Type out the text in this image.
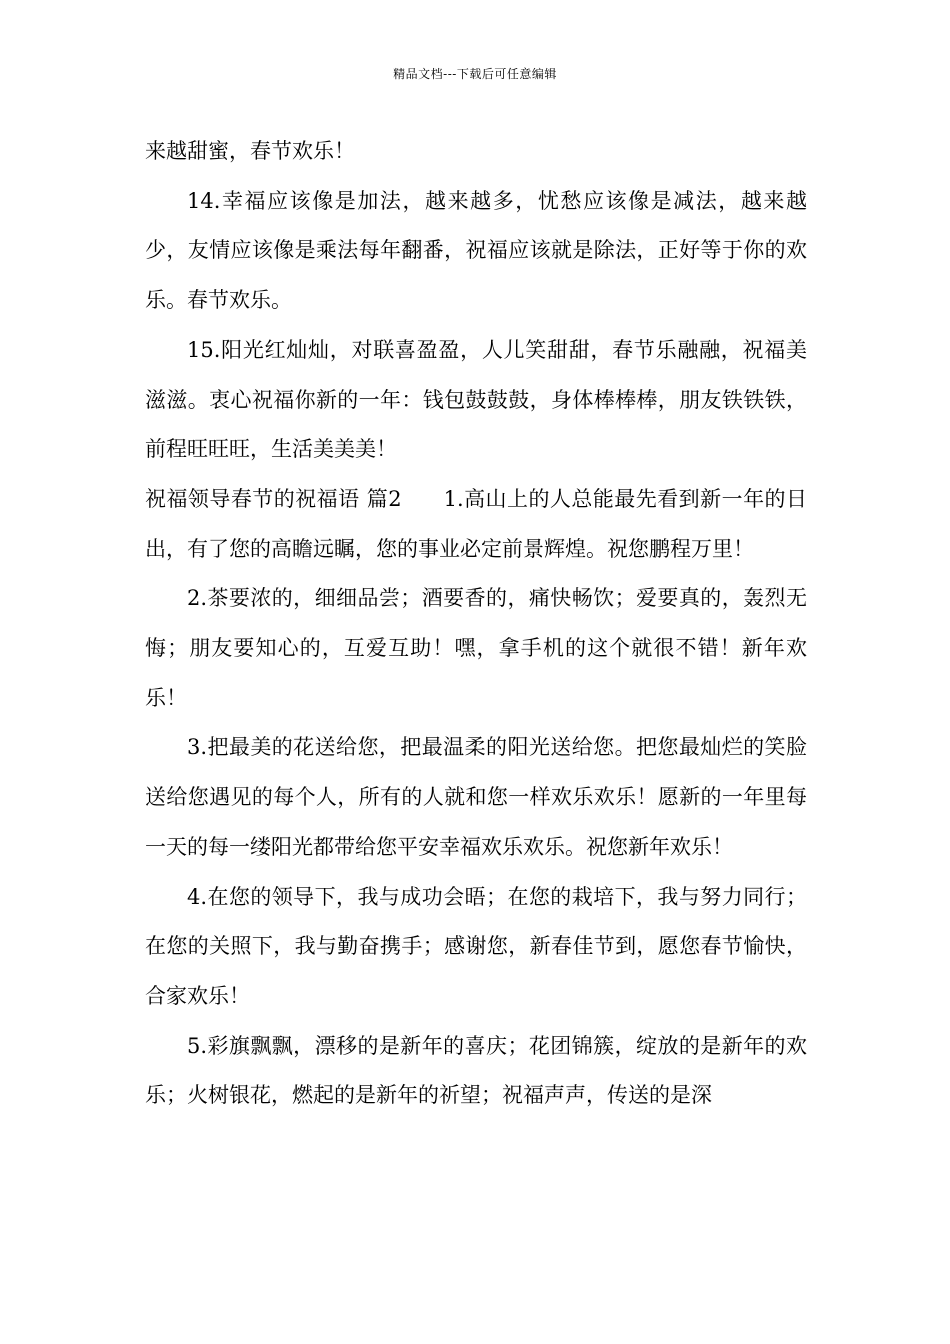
精品文档---下载后可任意编辑

来越甜蜜，春节欢乐！

14.幸福应该像是加法，越来越多，忧愁应该像是减法，越来越少，友情应该像是乘法每年翻番，祝福应该就是除法，正好等于你的欢乐。春节欢乐。

15.阳光红灿灿，对联喜盈盈，人儿笑甜甜，春节乐融融，祝福美滋滋。衷心祝福你新的一年：钱包鼓鼓鼓，身体棒棒棒，朋友铁铁铁，前程旺旺旺，生活美美美！

祝福领导春节的祝福语 篇2 1.高山上的人总能最先看到新一年的日出，有了您的高瞻远瞩，您的事业必定前景辉煌。祝您鹏程万里！

2.茶要浓的，细细品尝；酒要香的，痛快畅饮；爱要真的，轰烈无悔；朋友要知心的，互爱互助！嘿，拿手机的这个就很不错！新年欢乐！

3.把最美的花送给您，把最温柔的阳光送给您。把您最灿烂的笑脸送给您遇见的每个人，所有的人就和您一样欢乐欢乐！愿新的一年里每一天的每一缕阳光都带给您平安幸福欢乐欢乐。祝您新年欢乐！

4.在您的领导下，我与成功会晤；在您的栽培下，我与努力同行；在您的关照下，我与勤奋携手；感谢您，新春佳节到，愿您春节愉快，合家欢乐！

5.彩旗飘飘，漂移的是新年的喜庆；花团锦簇，绽放的是新年的欢乐；火树银花，燃起的是新年的祈望；祝福声声，传送的是深
